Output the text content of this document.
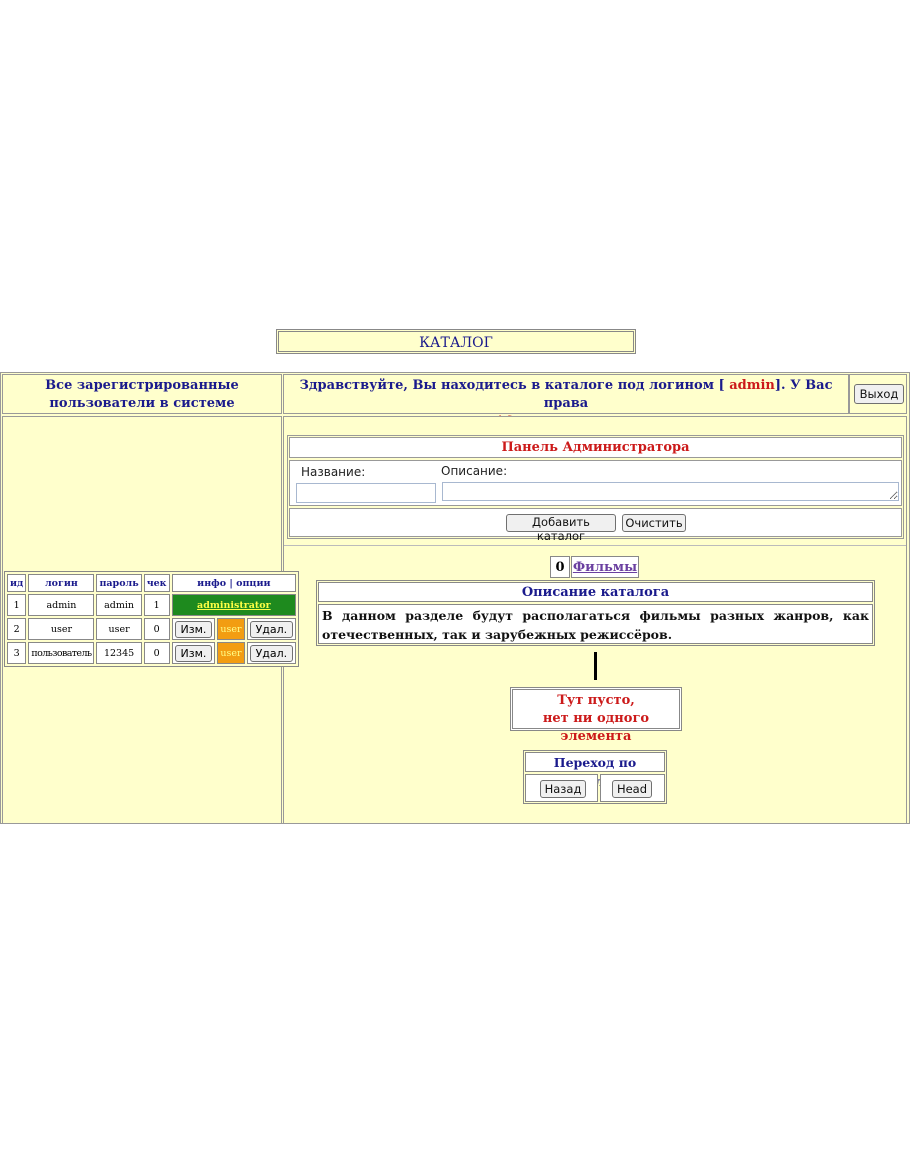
КАТАЛОГ
Все зарегистрированные
пользователи в системе
Здравствуйте, Вы находитесь в каталоге под логином [ admin]. У Вас права
Выход
ид	логин	пароль	чек	инфо | опции		
1	admin	admin	1	administrator		
2	user	user	0	Изм.	user	Удал.
3	пользователь	12345	0	Изм.	user	Удал.
Панель Администратора
Название:	Описание:
Добавить каталог
Очистить
0 Фильмы
Описание каталога
В данном разделе будут располагаться фильмы разных жанров, как отечественных, так и зарубежных режиссёров.
Тут пусто,
нет ни одного элемента
Переход по
Назад	Head
